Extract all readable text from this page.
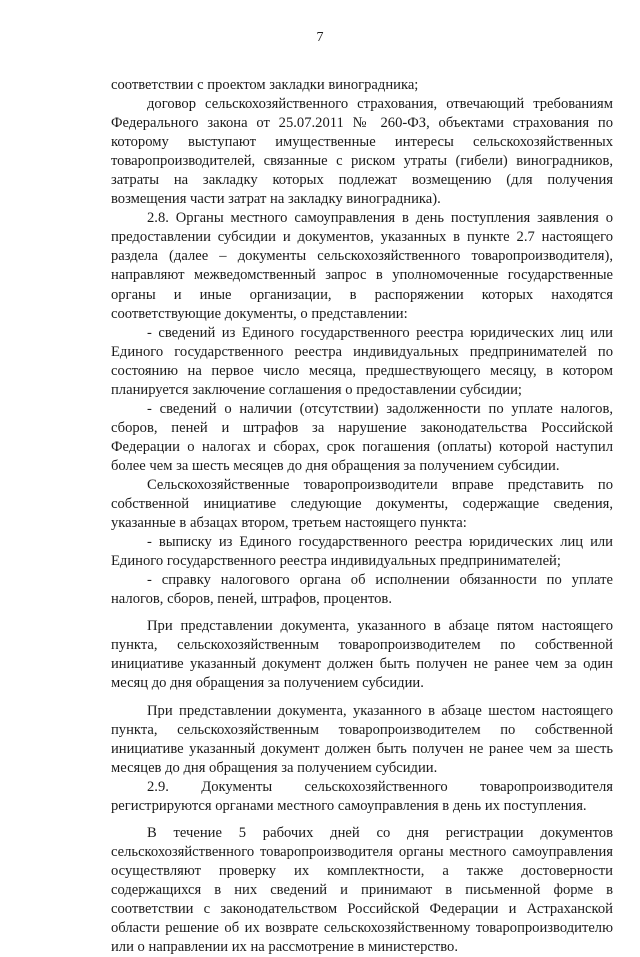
7

соответствии с проектом закладки виноградника;

договор сельскохозяйственного страхования, отвечающий требованиям Федерального закона от 25.07.2011 № 260-ФЗ, объектами страхования по которому выступают имущественные интересы сельскохозяйственных товаропроизводителей, связанные с риском утраты (гибели) виноградников, затраты на закладку которых подлежат возмещению (для получения возмещения части затрат на закладку виноградника).

2.8. Органы местного самоуправления в день поступления заявления о предоставлении субсидии и документов, указанных в пункте 2.7 настоящего раздела (далее – документы сельскохозяйственного товаропроизводителя), направляют межведомственный запрос в уполномоченные государственные органы и иные организации, в распоряжении которых находятся соответствующие документы, о представлении:

- сведений из Единого государственного реестра юридических лиц или Единого государственного реестра индивидуальных предпринимателей по состоянию на первое число месяца, предшествующего месяцу, в котором планируется заключение соглашения о предоставлении субсидии;

- сведений о наличии (отсутствии) задолженности по уплате налогов, сборов, пеней и штрафов за нарушение законодательства Российской Федерации о налогах и сборах, срок погашения (оплаты) которой наступил более чем за шесть месяцев до дня обращения за получением субсидии.

Сельскохозяйственные товаропроизводители вправе представить по собственной инициативе следующие документы, содержащие сведения, указанные в абзацах втором, третьем настоящего пункта:

- выписку из Единого государственного реестра юридических лиц или Единого государственного реестра индивидуальных предпринимателей;

- справку налогового органа об исполнении обязанности по уплате налогов, сборов, пеней, штрафов, процентов.

При представлении документа, указанного в абзаце пятом настоящего пункта, сельскохозяйственным товаропроизводителем по собственной инициативе указанный документ должен быть получен не ранее чем за один месяц до дня обращения за получением субсидии.

При представлении документа, указанного в абзаце шестом настоящего пункта, сельскохозяйственным товаропроизводителем по собственной инициативе указанный документ должен быть получен не ранее чем за шесть месяцев до дня обращения за получением субсидии.

2.9. Документы сельскохозяйственного товаропроизводителя регистрируются органами местного самоуправления в день их поступления.

В течение 5 рабочих дней со дня регистрации документов сельскохозяйственного товаропроизводителя органы местного самоуправления осуществляют проверку их комплектности, а также достоверности содержащихся в них сведений и принимают в письменной форме в соответствии с законодательством Российской Федерации и Астраханской области решение об их возврате сельскохозяйственному товаропроизводителю или о направлении их на рассмотрение в министерство.
